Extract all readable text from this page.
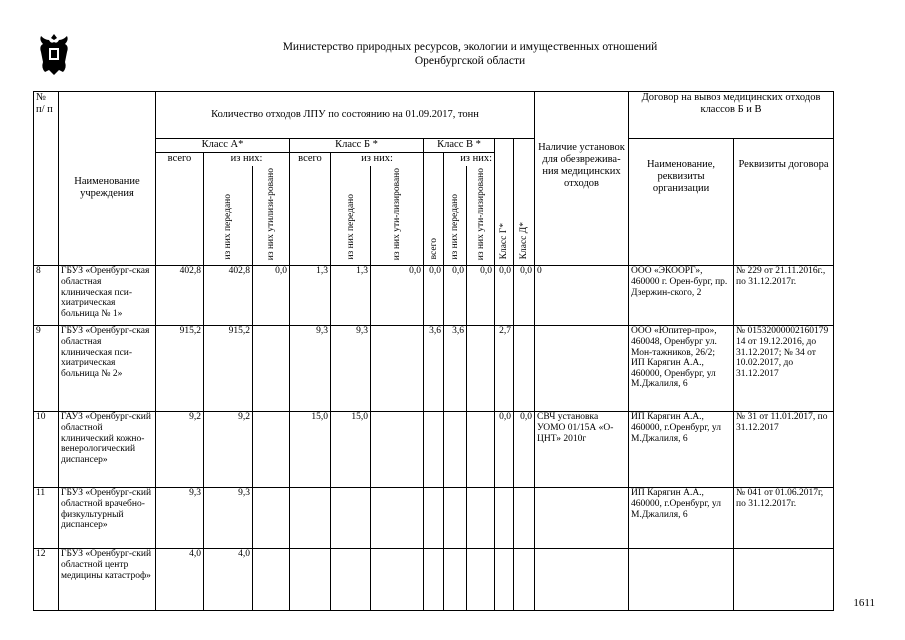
Министерство природных ресурсов, экологии и имущественных отношений
Оренбургской области
№ п/ п		Количество отходов ЛПУ по состоянию на 01.09.2017, тонн											Наличие установок для обезврежива-ния медицинских отходов	Договор на вывоз медицинских отходов классов Б и В	
		Класс А*			Класс Б *			Класс В *			Класс Г*	Класс Д*		Наименование, реквизиты организации	Реквизиты договора
		всего	из них:		всего	из них:		всего	из них:						
	Наименование учреждения		из них передано	из них утилизи-ровано		из них передано	из них ути-лизировано		из них передано	из них ути-лизировано					
8	ГБУЗ «Оренбург-ская областная клиническая пси-хиатрическая больница № 1»	402,8	402,8	0,0	1,3	1,3	0,0	0,0	0,0	0,0	0,0	0,0	0	ООО «ЭКООРГ», 460000 г. Орен-бург, пр. Дзержин-ского, 2	№ 229 от 21.11.2016г., по 31.12.2017г.
9	ГБУЗ «Оренбург-ская областная клиническая пси-хиатрическая больница № 2»	915,2	915,2		9,3	9,3		3,6	3,6		2,7			ООО «Юпитер-про», 460048, Оренбург ул. Мон-тажников, 26/2; ИП Карягин А.А., 460000, Оренбург, ул М.Джалиля, 6	№ 01532000002160179 14 от 19.12.2016, до 31.12.2017; № 34 от 10.02.2017, до 31.12.2017
10	ГАУЗ «Оренбург-ский областной клинический кожно-венерологический диспансер»	9,2	9,2		15,0	15,0					0,0	0,0	СВЧ установка УОМО 01/15А «О-ЦНТ» 2010г	ИП Карягин А.А., 460000, г.Оренбург, ул М.Джалиля, 6	№ 31 от 11.01.2017, по 31.12.2017
11	ГБУЗ «Оренбург-ский областной врачебно-физкультурный диспансер»	9,3	9,3											ИП Карягин А.А., 460000, г.Оренбург, ул М.Джалиля, 6	№ 041 от 01.06.2017г, по 31.12.2017г.
12	ГБУЗ «Оренбург-ский областной центр медицины катастроф»	4,0	4,0												
1611
